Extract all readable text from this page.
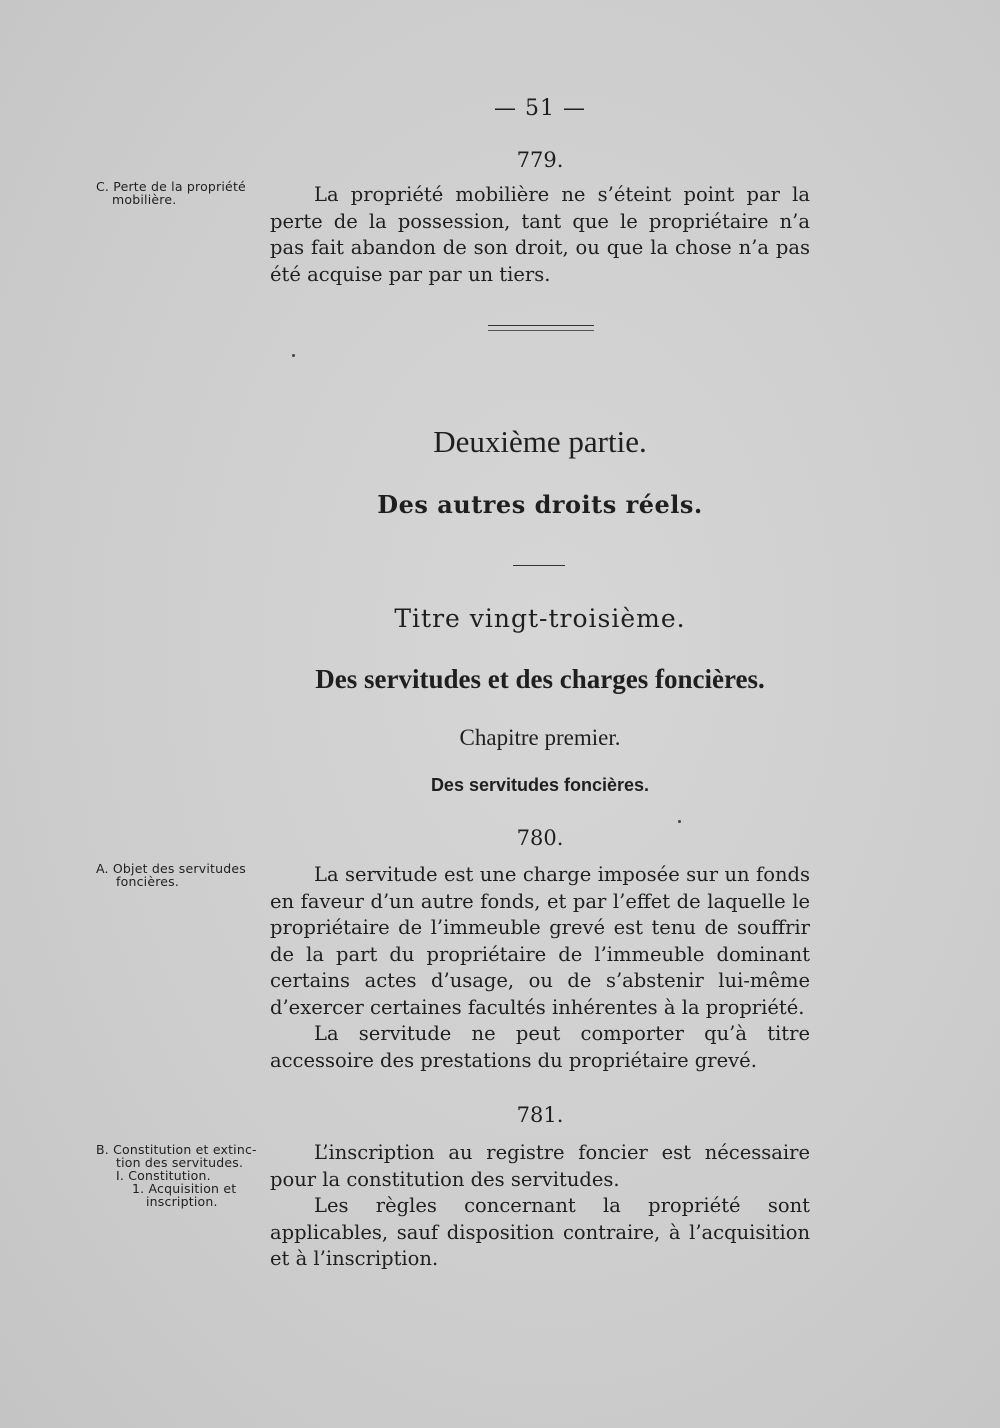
— 51 —
779.
C. Perte de la propriété
mobilière.	La propriété mobilière ne s’éteint point par la perte de la possession, tant que le propriétaire n’a pas fait abandon de son droit, ou que la chose n’a pas été acquise par par un tiers.

Deuxième partie.
Des autres droits réels.
Titre vingt-troisième.
Des servitudes et des charges foncières.
Chapitre premier.
Des servitudes foncières.
780.
A. Objet des servitudes
foncières.	La servitude est une charge imposée sur un fonds en faveur d’un autre fonds, et par l’effet de laquelle le propriétaire de l’immeuble grevé est tenu de souffrir de la part du propriétaire de l’immeuble dominant certains actes d’usage, ou de s’abstenir lui-même d’exercer certaines facultés inhérentes à la propriété.

La servitude ne peut comporter qu’à titre accessoire des prestations du propriétaire grevé.

781.
B. Constitution et extinc-
tion des servitudes.
I. Constitution.
1. Acquisition et
inscription.

L’inscription au registre foncier est nécessaire pour la constitution des servitudes.

Les règles concernant la propriété sont applicables, sauf disposition contraire, à l’acquisition et à l’inscription.
